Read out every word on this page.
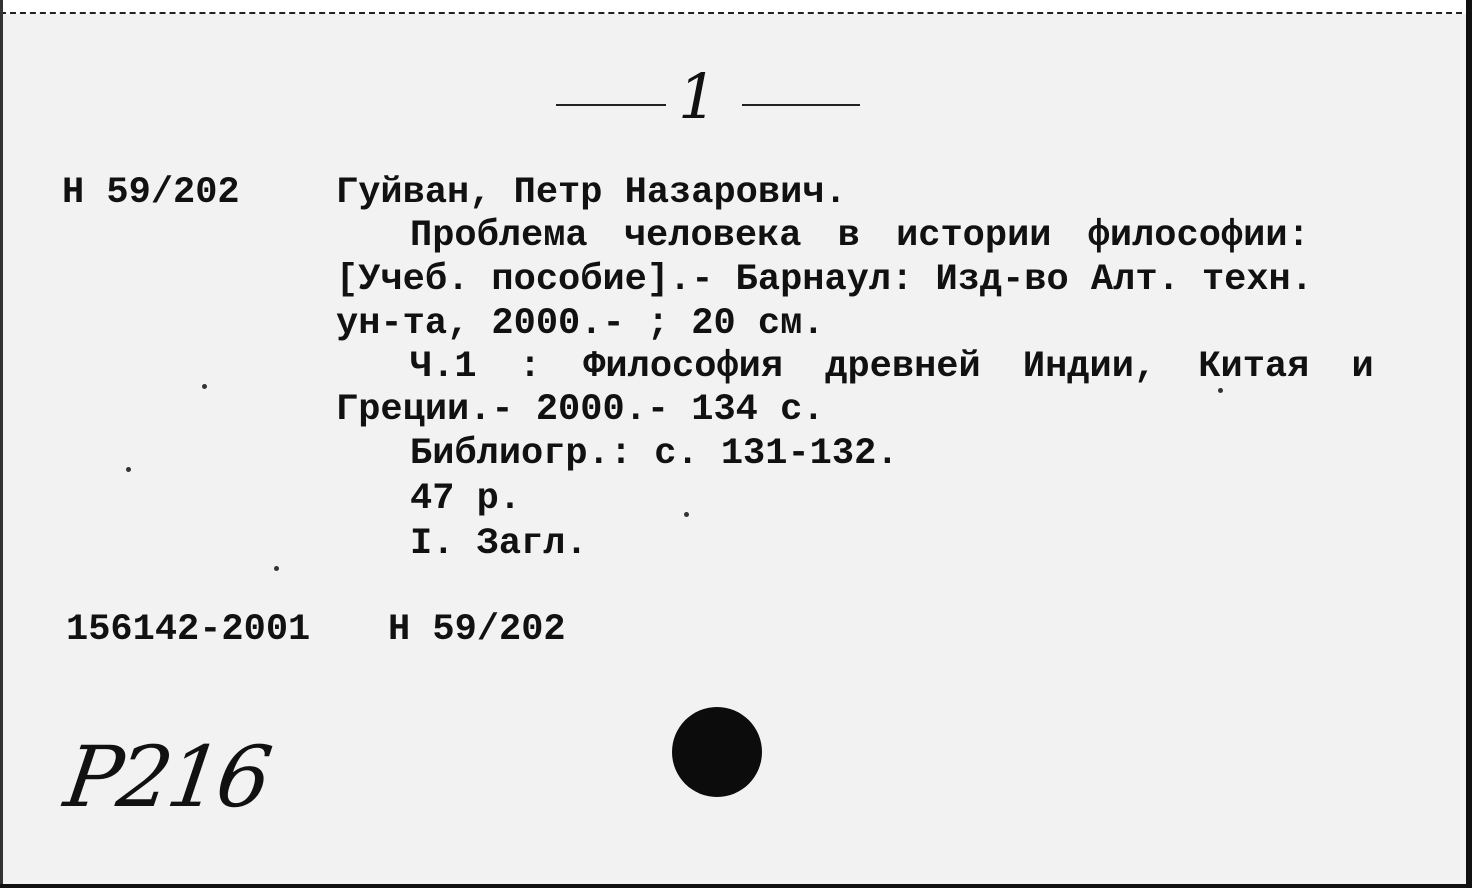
1
Н 59/202	Гуйван, Петр Назарович.
Проблема человека в истории философии:
[Учеб. пособие].- Барнаул: Изд-во Алт. техн.
ун-та, 2000.- ; 20 см.
Ч.1 : Философия древней Индии, Китая и
Греции.- 2000.- 134 с.
Библиогр.: с. 131-132.
47 р.
I. Загл.
156142-2001 Н 59/202
Р216
